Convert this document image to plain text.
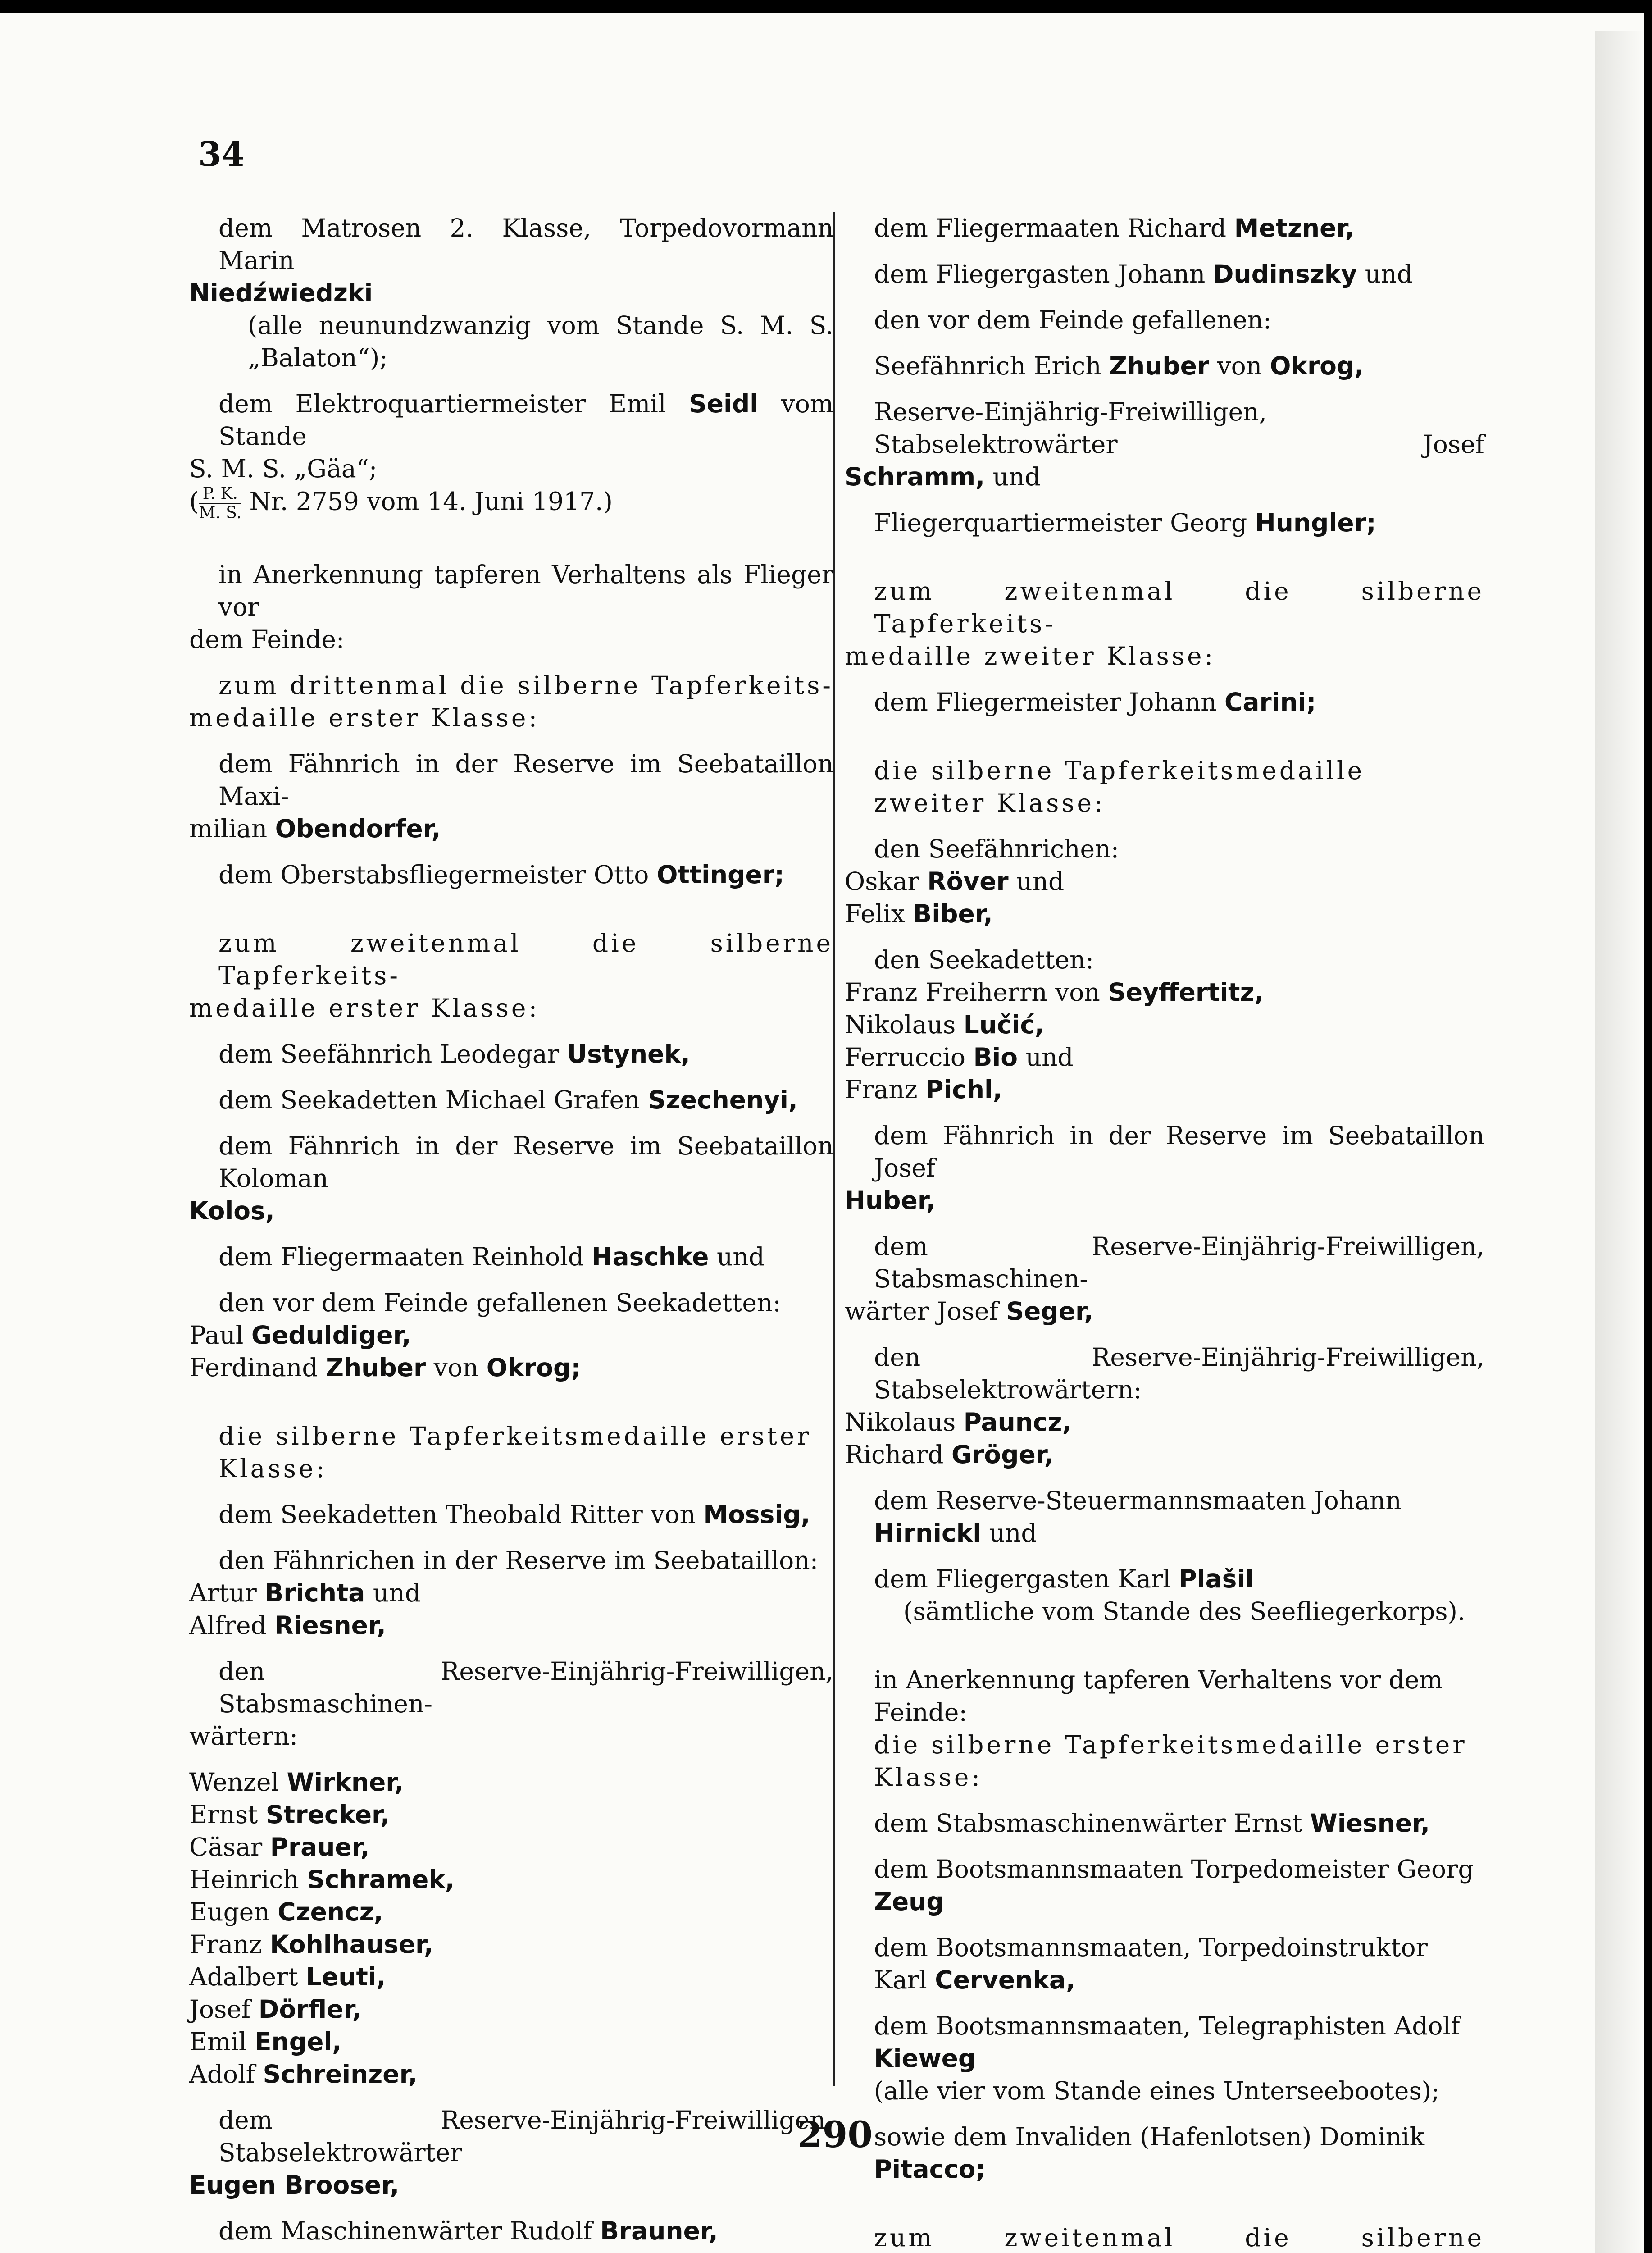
34

dem Matrosen 2. Klasse, Torpedovormann Marin

Niedźwiedzki

(alle neunundzwanzig vom Stande S. M. S.

„Balaton“);

dem Elektroquartiermeister Emil Seidl vom Stande

S. M. S. „Gäa“;

( $\frac{P. K.}{M. S.} Nr$. 2759 vom 14. Juni 1917.)

in Anerkennung tapferen Verhaltens als Flieger vor

dem Feinde:

zum drittenmal die silberne Tapferkeits-

medaille erster Klasse:

dem Fähnrich in der Reserve im Seebataillon Maxi-

milian Obendorfer,

dem Oberstabsfliegermeister Otto Ottinger;

zum zweitenmal die silberne Tapferkeits-

medaille erster Klasse:

dem Seefähnrich Leodegar Ustynek,

dem Seekadetten Michael Grafen Szechenyi,

dem Fähnrich in der Reserve im Seebataillon Koloman

Kolos,

dem Fliegermaaten Reinhold Haschke und

den vor dem Feinde gefallenen Seekadetten:

Paul Geduldiger,

Ferdinand Zhuber von Okrog;

die silberne Tapferkeitsmedaille erster Klasse:

dem Seekadetten Theobald Ritter von Mossig,

den Fähnrichen in der Reserve im Seebataillon:

Artur Brichta und

Alfred Riesner,

den Reserve-Einjährig-Freiwilligen, Stabsmaschinen-

wärtern:

Wenzel Wirkner,

Ernst Strecker,

Cäsar Prauer,

Heinrich Schramek,

Eugen Czencz,

Franz Kohlhauser,

Adalbert Leuti,

Josef Dörfler,

Emil Engel,

Adolf Schreinzer,

dem Reserve-Einjährig-Freiwilligen, Stabselektrowärter

Eugen Brooser,

dem Maschinenwärter Rudolf Brauner,

dem Fliegermaaten Richard Metzner,

dem Fliegergasten Johann Dudinszky und

den vor dem Feinde gefallenen:

Seefähnrich Erich Zhuber von Okrog,

Reserve-Einjährig-Freiwilligen, Stabselektrowärter Josef

Schramm, und

Fliegerquartiermeister Georg Hungler;

zum zweitenmal die silberne Tapferkeits-

medaille zweiter Klasse:

dem Fliegermeister Johann Carini;

die silberne Tapferkeitsmedaille zweiter Klasse:

den Seefähnrichen:

Oskar Röver und

Felix Biber,

den Seekadetten:

Franz Freiherrn von Seyffertitz,

Nikolaus Lučić,

Ferruccio Bio und

Franz Pichl,

dem Fähnrich in der Reserve im Seebataillon Josef

Huber,

dem Reserve-Einjährig-Freiwilligen, Stabsmaschinen-

wärter Josef Seger,

den Reserve-Einjährig-Freiwilligen, Stabselektrowärtern:

Nikolaus Pauncz,

Richard Gröger,

dem Reserve-Steuermannsmaaten Johann Hirnickl und

dem Fliegergasten Karl Plašil

(sämtliche vom Stande des Seefliegerkorps).

in Anerkennung tapferen Verhaltens vor dem Feinde:

die silberne Tapferkeitsmedaille erster Klasse:

dem Stabsmaschinenwärter Ernst Wiesner,

dem Bootsmannsmaaten Torpedomeister Georg Zeug

dem Bootsmannsmaaten, Torpedoinstruktor Karl Cervenka,

dem Bootsmannsmaaten, Telegraphisten Adolf Kieweg

(alle vier vom Stande eines Unterseebootes);

sowie dem Invaliden (Hafenlotsen) Dominik Pitacco;

zum zweitenmal die silberne

290
